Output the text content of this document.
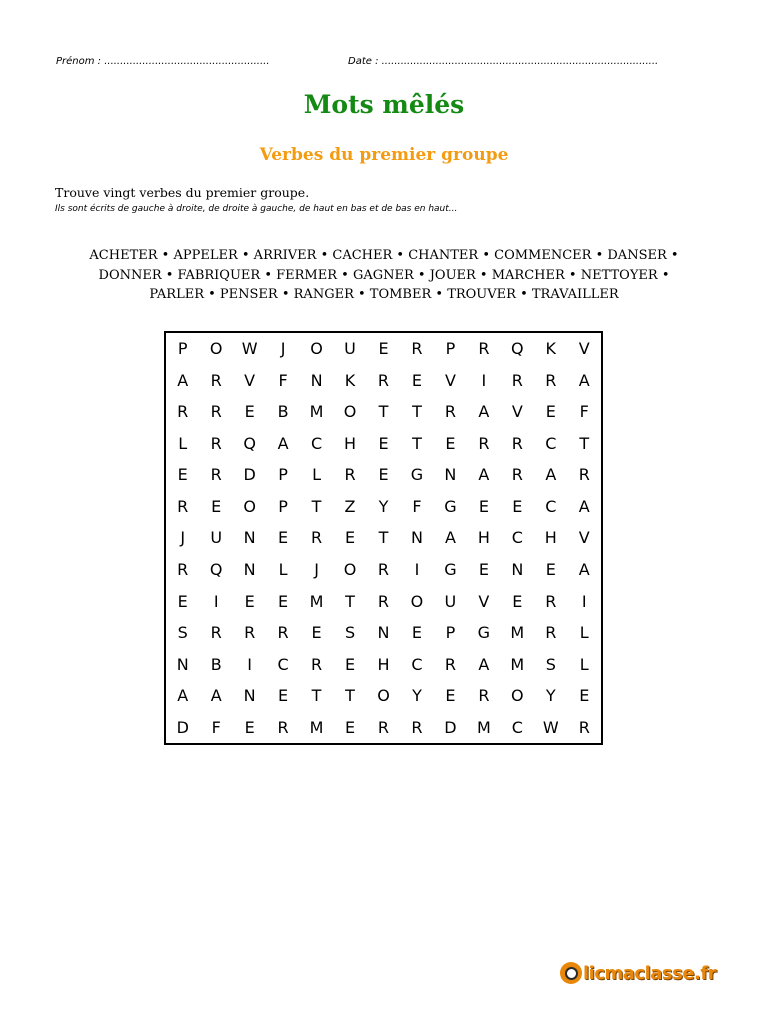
Prénom : ....................................................	Date : .......................................................................................
Mots mêlés
Verbes du premier groupe
Trouve vingt verbes du premier groupe.
Ils sont écrits de gauche à droite, de droite à gauche, de haut en bas et de bas en haut...
ACHETER • APPELER • ARRIVER • CACHER • CHANTER • COMMENCER • DANSER •
DONNER • FABRIQUER • FERMER • GAGNER • JOUER • MARCHER • NETTOYER •
PARLER • PENSER • RANGER • TOMBER • TROUVER • TRAVAILLER
P	O	W	J	O	U	E	R	P	R	Q	K	V
A	R	V	F	N	K	R	E	V	I	R	R	A
R	R	E	B	M	O	T	T	R	A	V	E	F
L	R	Q	A	C	H	E	T	E	R	R	C	T
E	R	D	P	L	R	E	G	N	A	R	A	R
R	E	O	P	T	Z	Y	F	G	E	E	C	A
J	U	N	E	R	E	T	N	A	H	C	H	V
R	Q	N	L	J	O	R	I	G	E	N	E	A
E	I	E	E	M	T	R	O	U	V	E	R	I
S	R	R	R	E	S	N	E	P	G	M	R	L
N	B	I	C	R	E	H	C	R	A	M	S	L
A	A	N	E	T	T	O	Y	E	R	O	Y	E
D	F	E	R	M	E	R	R	D	M	C	W	R
licmaclasse.fr
